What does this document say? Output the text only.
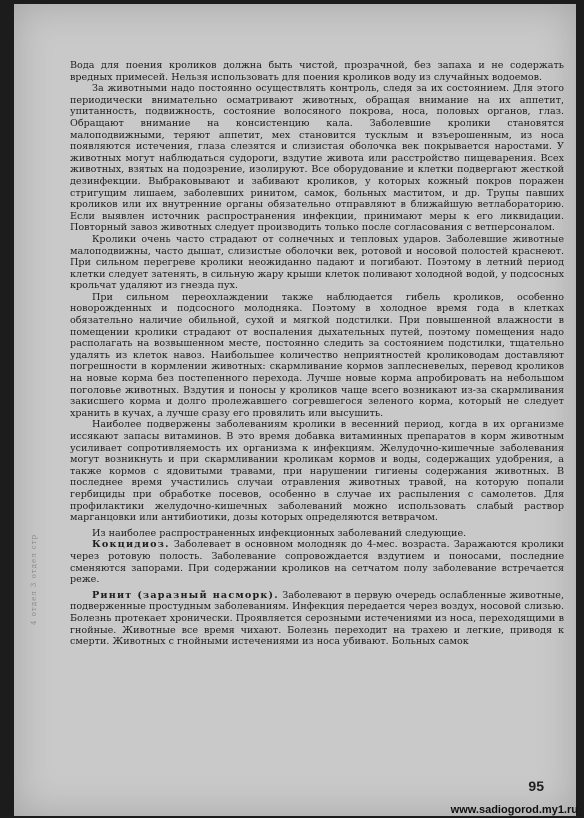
4 отдел 3 отдел стр

Вода для поения кроликов должна быть чистой, прозрачной, без запаха и не содержать вредных примесей. Нельзя использовать для поения кроликов воду из случайных водоемов.

За животными надо постоянно осуществлять контроль, следя за их состоянием. Для этого периодически внимательно осматривают животных, обращая внимание на их аппетит, упитанность, подвижность, состояние волосяного покрова, носа, половых органов, глаз. Обращают внимание на консистенцию кала. Заболевшие кролики становятся малоподвижными, теряют аппетит, мех становится тусклым и взъерошенным, из носа появляются истечения, глаза слезятся и слизистая оболочка век покрывается наростами. У животных могут наблюдаться судороги, вздутие живота или расстройство пищеварения. Всех животных, взятых на подозрение, изолируют. Все оборудование и клетки подвергают жесткой дезинфекции. Выбраковывают и забивают кроликов, у которых кожный покров поражен стригущим лишаем, заболевших ринитом, самок, больных маститом, и др. Трупы павших кроликов или их внутренние органы обязательно отправляют в ближайшую ветлабораторию. Если выявлен источник распространения инфекции, принимают меры к его ликвидации. Повторный завоз животных следует производить только после согласования с ветперсоналом.

Кролики очень часто страдают от солнечных и тепловых ударов. Заболевшие животные малоподвижны, часто дышат, слизистые оболочки век, ротовой и носовой полостей краснеют. При сильном перегреве кролики неожиданно падают и погибают. Поэтому в летний период клетки следует затенять, в сильную жару крыши клеток поливают холодной водой, у подсосных крольчат удаляют из гнезда пух.

При сильном переохлаждении также наблюдается гибель кроликов, особенно новорожденных и подсосного молодняка. Поэтому в холодное время года в клетках обязательно наличие обильной, сухой и мягкой подстилки. При повышенной влажности в помещении кролики страдают от воспаления дыхательных путей, поэтому помещения надо располагать на возвышенном месте, постоянно следить за состоянием подстилки, тщательно удалять из клеток навоз. Наибольшее количество неприятностей кролиководам доставляют погрешности в кормлении животных: скармливание кормов заплесневелых, перевод кроликов на новые корма без постепенного перехода. Лучше новые корма апробировать на небольшом поголовье животных. Вздутия и поносы у кроликов чаще всего возникают из-за скармливания закисшего корма и долго пролежавшего согревшегося зеленого корма, который не следует хранить в кучах, а лучше сразу его провялить или высушить.

Наиболее подвержены заболеваниям кролики в весенний период, когда в их организме иссякают запасы витаминов. В это время добавка витаминных препаратов в корм животным усиливает сопротивляемость их организма к инфекциям. Желудочно-кишечные заболевания могут возникнуть и при скармливании кроликам кормов и воды, содержащих удобрения, а также кормов с ядовитыми травами, при нарушении гигиены содержания животных. В последнее время участились случаи отравления животных травой, на которую попали гербициды при обработке посевов, особенно в случае их распыления с самолетов. Для профилактики желудочно-кишечных заболеваний можно использовать слабый раствор марганцовки или антибиотики, дозы которых определяются ветврачом.

Из наиболее распространенных инфекционных заболеваний следующие.

Кокцидиоз. Заболевает в основном молодняк до 4-мес. возраста. Заражаются кролики через ротовую полость. Заболевание сопровождается вздутием и поносами, последние сменяются запорами. При содержании кроликов на сетчатом полу заболевание встречается реже.

Ринит (заразный насморк). Заболевают в первую очередь ослабленные животные, подверженные простудным заболеваниям. Инфекция передается через воздух, носовой слизью. Болезнь протекает хронически. Проявляется серозными истечениями из носа, переходящими в гнойные. Животные все время чихают. Болезнь переходит на трахею и легкие, приводя к смерти. Животных с гнойными истечениями из носа убивают. Больных самок

95
www.sadiogorod.my1.ru
